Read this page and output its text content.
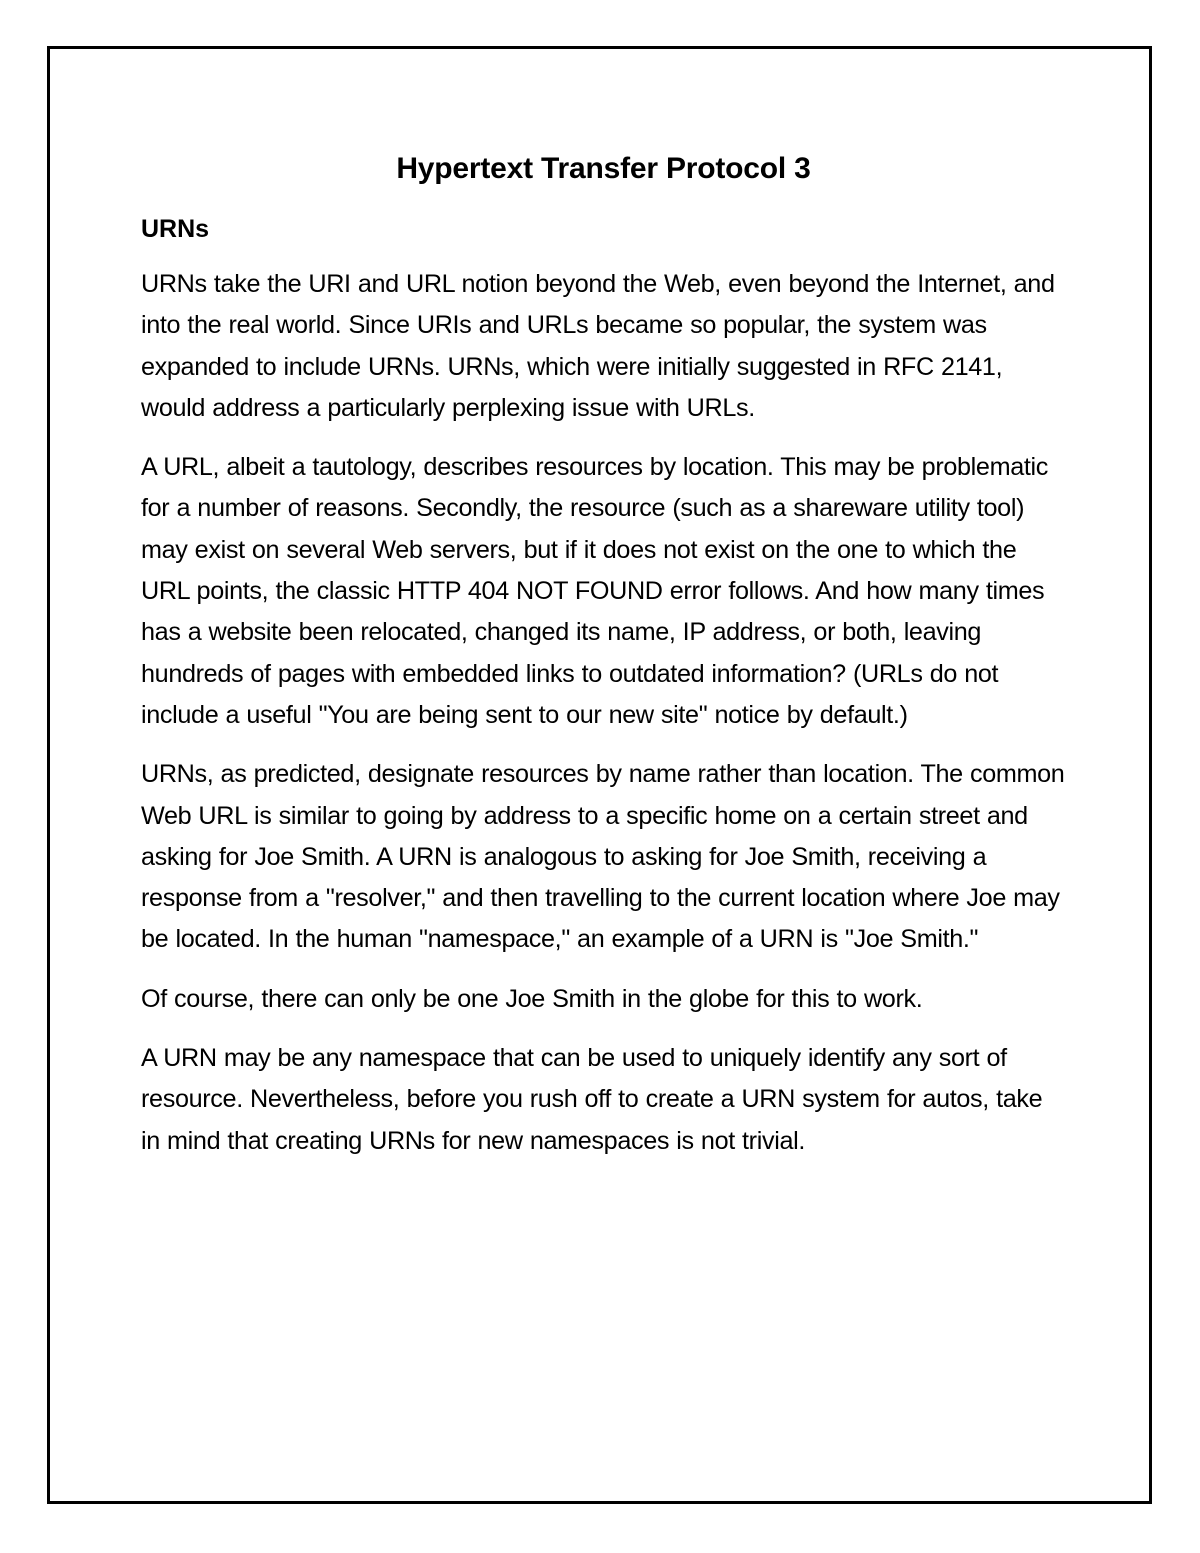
Hypertext Transfer Protocol 3
URNs

URNs take the URI and URL notion beyond the Web, even beyond the Internet, and into the real world. Since URIs and URLs became so popular, the system was expanded to include URNs. URNs, which were initially suggested in RFC 2141, would address a particularly perplexing issue with URLs.

A URL, albeit a tautology, describes resources by location. This may be problematic for a number of reasons. Secondly, the resource (such as a shareware utility tool) may exist on several Web servers, but if it does not exist on the one to which the URL points, the classic HTTP 404 NOT FOUND error follows. And how many times has a website been relocated, changed its name, IP address, or both, leaving hundreds of pages with embedded links to outdated information? (URLs do not include a useful "You are being sent to our new site" notice by default.)

URNs, as predicted, designate resources by name rather than location. The common Web URL is similar to going by address to a specific home on a certain street and asking for Joe Smith. A URN is analogous to asking for Joe Smith, receiving a response from a "resolver," and then travelling to the current location where Joe may be located. In the human "namespace," an example of a URN is "Joe Smith."

Of course, there can only be one Joe Smith in the globe for this to work.

A URN may be any namespace that can be used to uniquely identify any sort of resource. Nevertheless, before you rush off to create a URN system for autos, take in mind that creating URNs for new namespaces is not trivial.
